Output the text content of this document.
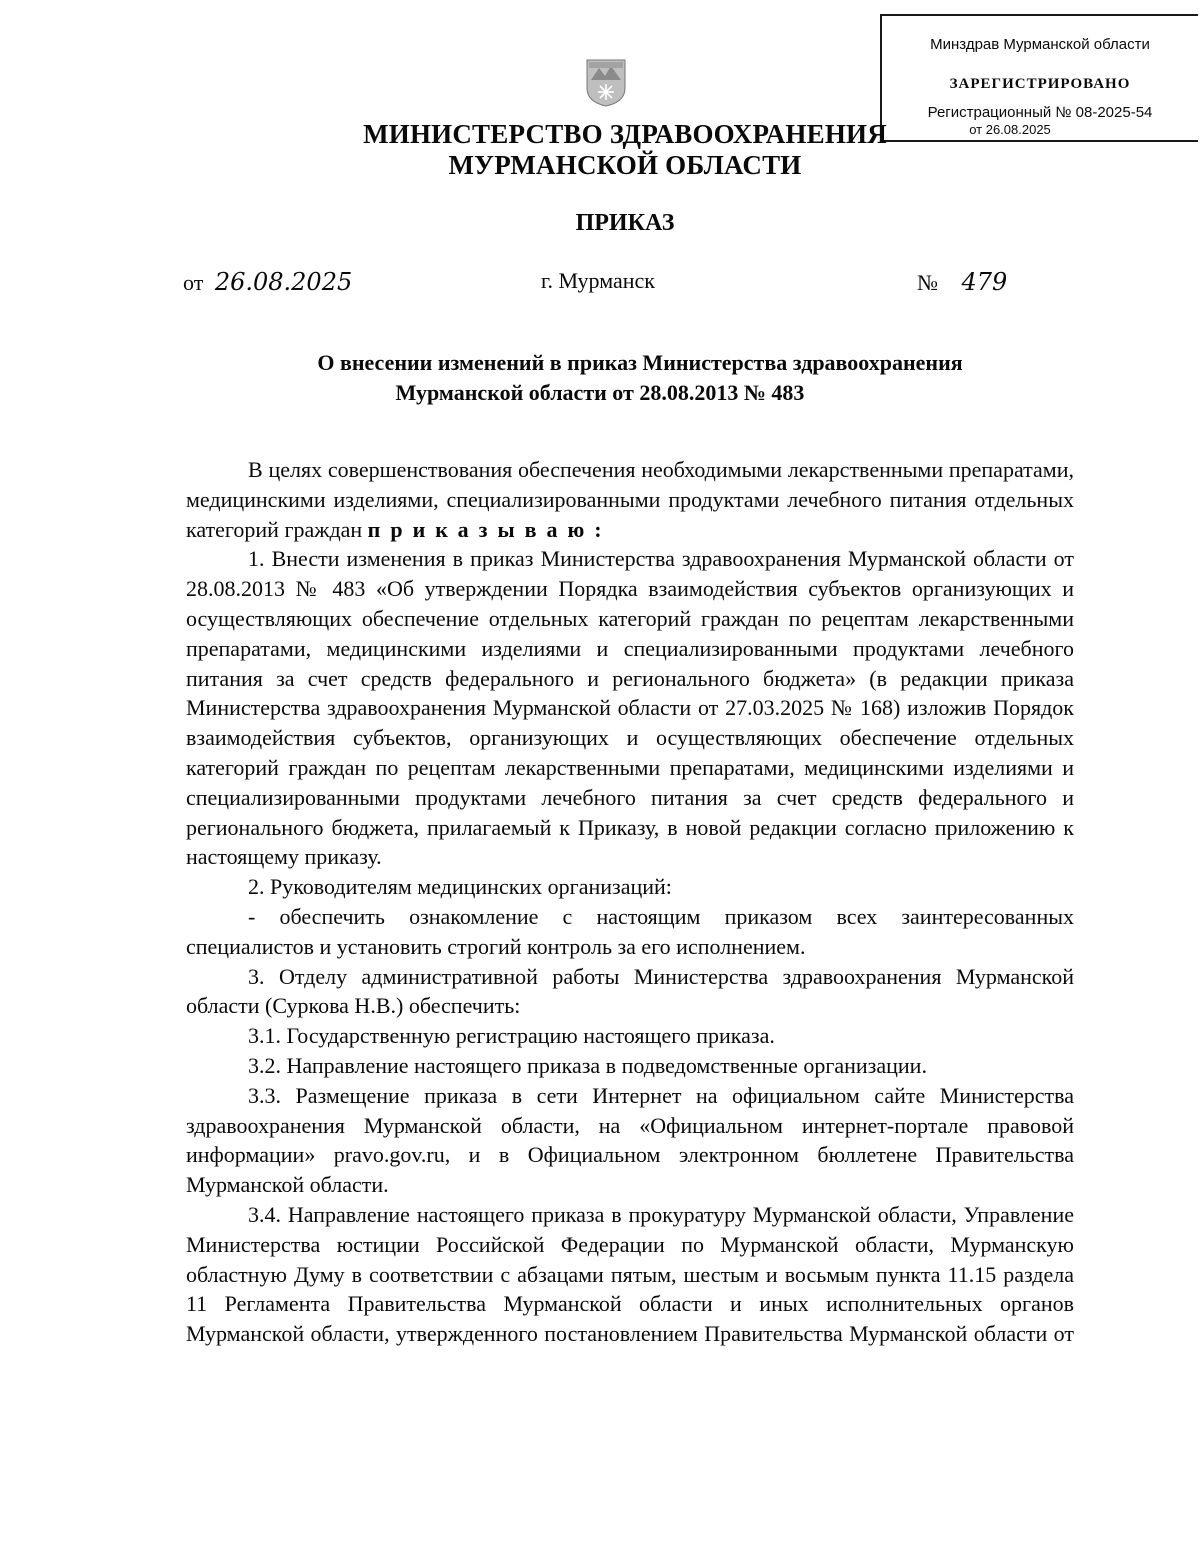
Минздрав Мурманской области
ЗАРЕГИСТРИРОВАНО
Регистрационный № 08-2025-54
от 26.08.2025
МИНИСТЕРСТВО ЗДРАВООХРАНЕНИЯ
МУРМАНСКОЙ ОБЛАСТИ
ПРИКАЗ
от 26.08.2025	г. Мурманск	№ 479
О внесении изменений в приказ Министерства здравоохранения
Мурманской области от 28.08.2013 № 483

В целях совершенствования обеспечения необходимыми лекарственными препаратами, медицинскими изделиями, специализированными продуктами лечебного питания отдельных категорий граждан приказываю:

1. Внести изменения в приказ Министерства здравоохранения Мурманской области от 28.08.2013 № 483 «Об утверждении Порядка взаимодействия субъектов организующих и осуществляющих обеспечение отдельных категорий граждан по рецептам лекарственными препаратами, медицинскими изделиями и специализированными продуктами лечебного питания за счет средств федерального и регионального бюджета» (в редакции приказа Министерства здравоохранения Мурманской области от 27.03.2025 № 168) изложив Порядок взаимодействия субъектов, организующих и осуществляющих обеспечение отдельных категорий граждан по рецептам лекарственными препаратами, медицинскими изделиями и специализированными продуктами лечебного питания за счет средств федерального и регионального бюджета, прилагаемый к Приказу, в новой редакции согласно приложению к настоящему приказу.

2. Руководителям медицинских организаций:

- обеспечить ознакомление с настоящим приказом всех заинтересованных специалистов и установить строгий контроль за его исполнением.

3. Отделу административной работы Министерства здравоохранения Мурманской области (Суркова Н.В.) обеспечить:

3.1. Государственную регистрацию настоящего приказа.

3.2. Направление настоящего приказа в подведомственные организации.

3.3. Размещение приказа в сети Интернет на официальном сайте Министерства здравоохранения Мурманской области, на «Официальном интернет-портале правовой информации» pravo.gov.ru, и в Официальном электронном бюллетене Правительства Мурманской области.

3.4. Направление настоящего приказа в прокуратуру Мурманской области, Управление Министерства юстиции Российской Федерации по Мурманской области, Мурманскую областную Думу в соответствии с абзацами пятым, шестым и восьмым пункта 11.15 раздела 11 Регламента Правительства Мурманской области и иных исполнительных органов Мурманской области, утвержденного постановлением Правительства Мурманской области от
